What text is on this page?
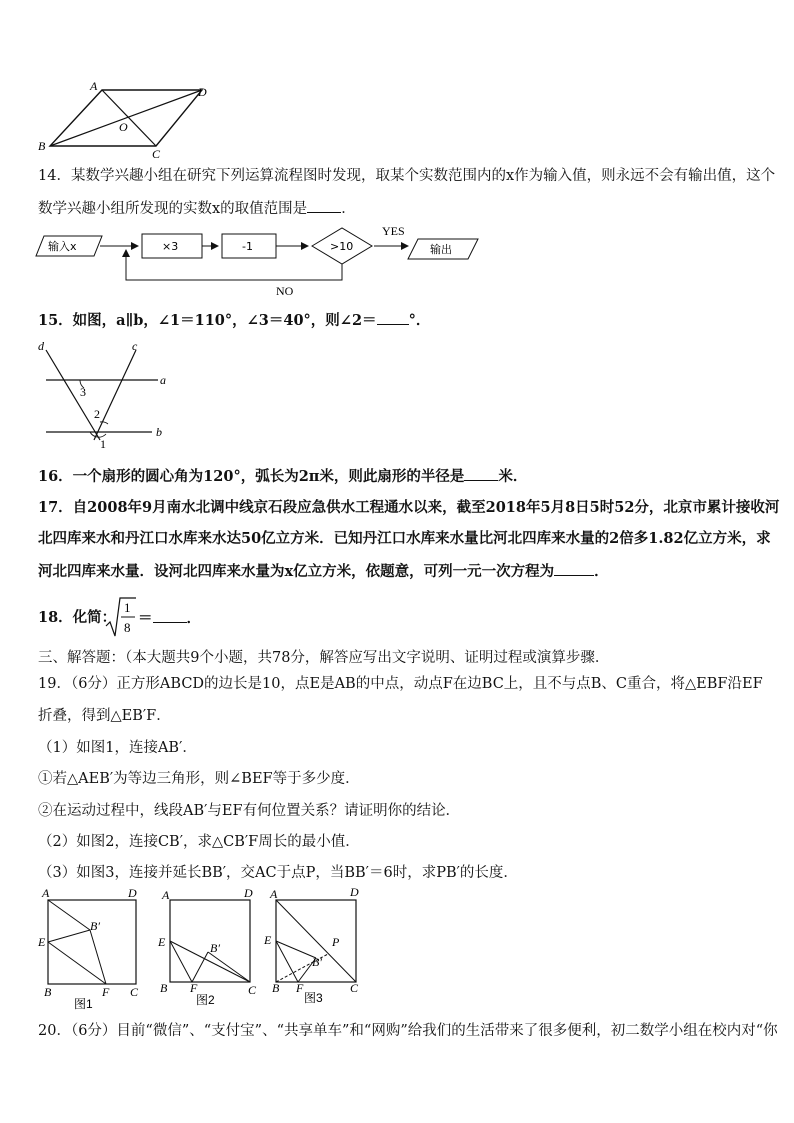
A	D
B
C
O
14．某数学兴趣小组在研究下列运算流程图时发现，取某个实数范围内的x作为输入值，则永远不会有输出值，这个
数学兴趣小组所发现的实数x的取值范围是 ．
输入x	×3	-1	>10
YES
输出
NO
15．如图，a∥b，∠1＝110°，∠3＝40°，则∠2＝ °．
d	c
a
b
3
2
1
16．一个扇形的圆心角为120°，弧长为2π米，则此扇形的半径是 米．
17．自2008年9月南水北调中线京石段应急供水工程通水以来，截至2018年5月8日5时52分，北京市累计接收河
北四库来水和丹江口水库来水达50亿立方米．已知丹江口水库来水量比河北四库来水量的2倍多1.82亿立方米，求
河北四库来水量．设河北四库来水量为x亿立方米，依题意，可列一元一次方程为	．
18．化简：
1
8
＝ ．
三、解答题：（本大题共9个小题，共78分，解答应写出文字说明、证明过程或演算步骤．
19．（6分）正方形ABCD的边长是10，点E是AB的中点，动点F在边BC上，且不与点B、C重合，将△EBF沿EF
折叠，得到△EB′F．
（1）如图1，连接AB′．
①若△AEB′为等边三角形，则∠BEF等于多少度．
②在运动过程中，线段AB′与EF有何位置关系？请证明你的结论．
（2）如图2，连接CB′，求△CB′F周长的最小值．
（3）如图3，连接并延长BB′，交AC于点P，当BB′＝6时，求PB′的长度．
A	D
E
B′
B	F C
图1
A	D
E	B′
B F	C
图2
A	D
E	P
B′
B F	C
图3
20．（6分）目前“微信”、“支付宝”、“共享单车”和“网购”给我们的生活带来了很多便利，初二数学小组在校内对“你
